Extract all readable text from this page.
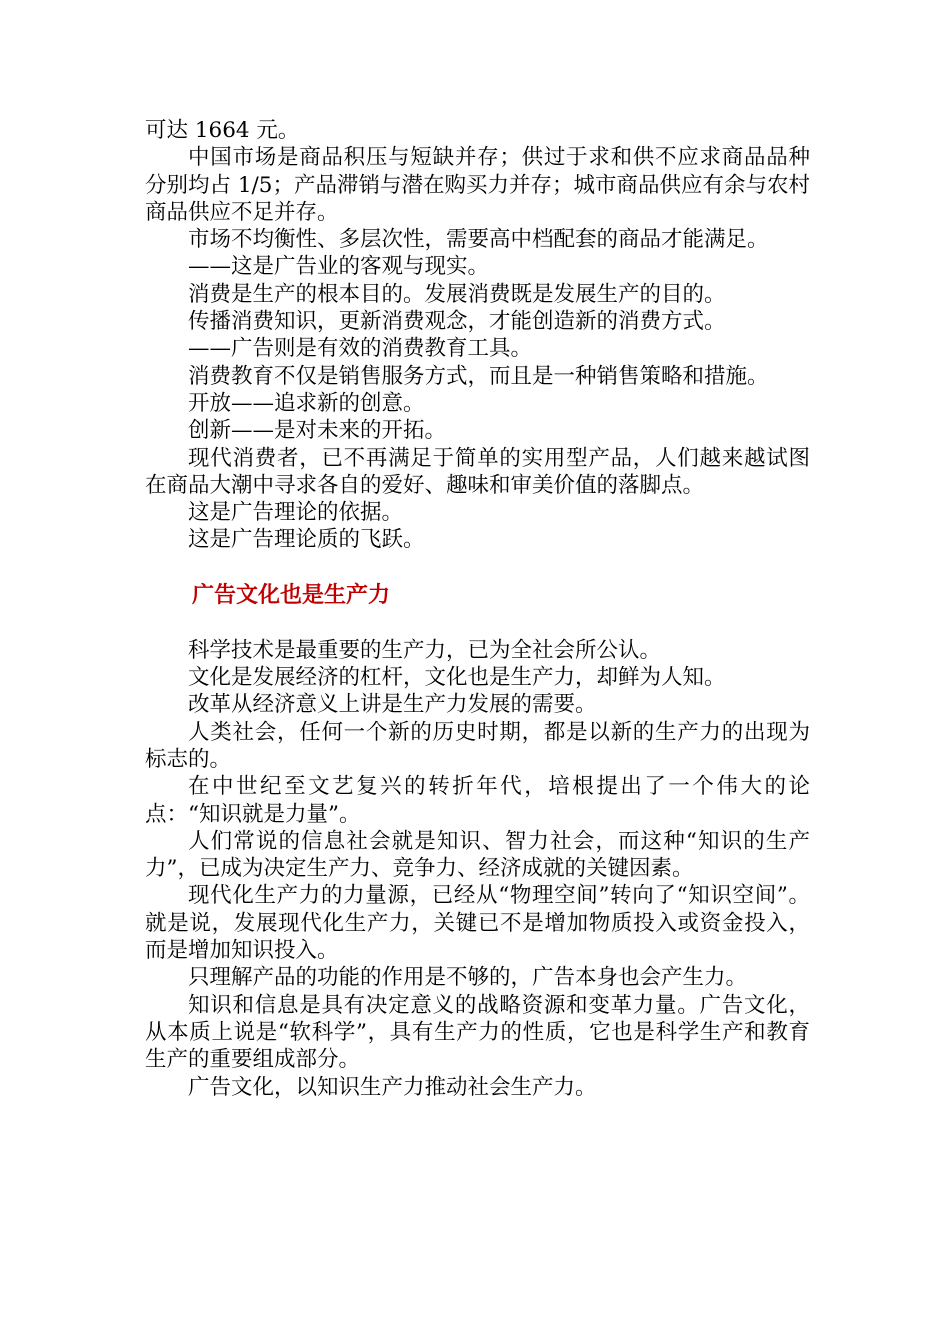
可达 1664 元。

中国市场是商品积压与短缺并存；供过于求和供不应求商品品种分别均占 1/5；产品滞销与潜在购买力并存；城市商品供应有余与农村商品供应不足并存。

市场不均衡性、多层次性，需要高中档配套的商品才能满足。

——这是广告业的客观与现实。

消费是生产的根本目的。发展消费既是发展生产的目的。

传播消费知识，更新消费观念，才能创造新的消费方式。

——广告则是有效的消费教育工具。

消费教育不仅是销售服务方式，而且是一种销售策略和措施。

开放——追求新的创意。

创新——是对未来的开拓。

现代消费者，已不再满足于简单的实用型产品，人们越来越试图在商品大潮中寻求各自的爱好、趣味和审美价值的落脚点。

这是广告理论的依据。

这是广告理论质的飞跃。

广告文化也是生产力

科学技术是最重要的生产力，已为全社会所公认。

文化是发展经济的杠杆，文化也是生产力，却鲜为人知。

改革从经济意义上讲是生产力发展的需要。

人类社会，任何一个新的历史时期，都是以新的生产力的出现为标志的。

在中世纪至文艺复兴的转折年代，培根提出了一个伟大的论点：“知识就是力量”。

人们常说的信息社会就是知识、智力社会，而这种“知识的生产力”，已成为决定生产力、竞争力、经济成就的关键因素。

现代化生产力的力量源，已经从“物理空间”转向了“知识空间”。就是说，发展现代化生产力，关键已不是增加物质投入或资金投入，而是增加知识投入。

只理解产品的功能的作用是不够的，广告本身也会产生力。

知识和信息是具有决定意义的战略资源和变革力量。广告文化，从本质上说是“软科学”，具有生产力的性质，它也是科学生产和教育生产的重要组成部分。

广告文化，以知识生产力推动社会生产力。
